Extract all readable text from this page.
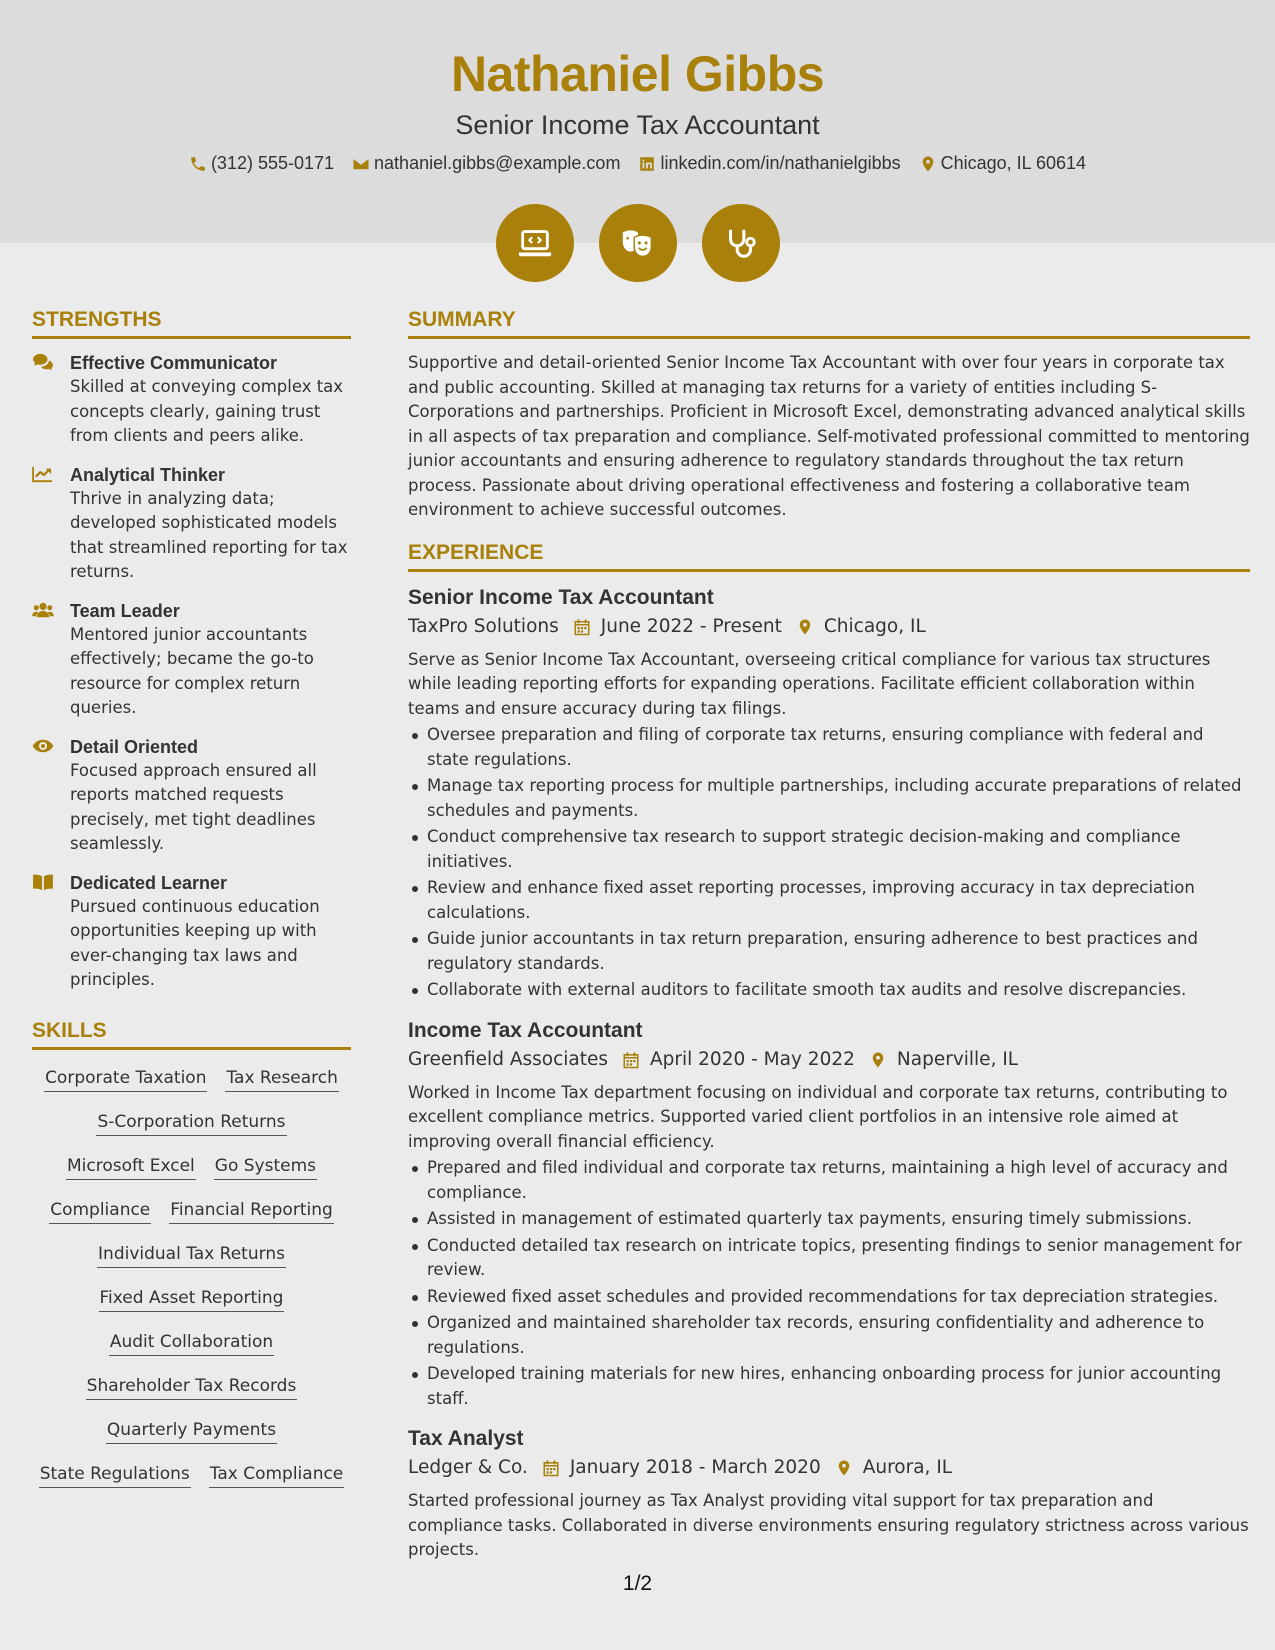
Nathaniel Gibbs
Senior Income Tax Accountant
(312) 555-0171 nathaniel.gibbs@example.com linkedin.com/in/nathanielgibbs Chicago, IL 60614
STRENGTHS
Effective Communicator
Skilled at conveying complex tax concepts clearly, gaining trust from clients and peers alike.
Analytical Thinker
Thrive in analyzing data; developed sophisticated models that streamlined reporting for tax returns.
Team Leader
Mentored junior accountants effectively; became the go-to resource for complex return queries.
Detail Oriented
Focused approach ensured all reports matched requests precisely, met tight deadlines seamlessly.
Dedicated Learner
Pursued continuous education opportunities keeping up with ever-changing tax laws and principles.
SKILLS
Corporate Taxation Tax Research
S-Corporation Returns
Microsoft Excel Go Systems
Compliance Financial Reporting
Individual Tax Returns
Fixed Asset Reporting
Audit Collaboration
Shareholder Tax Records
Quarterly Payments
State Regulations Tax Compliance
SUMMARY
Supportive and detail-oriented Senior Income Tax Accountant with over four years in corporate tax and public accounting. Skilled at managing tax returns for a variety of entities including S-Corporations and partnerships. Proficient in Microsoft Excel, demonstrating advanced analytical skills in all aspects of tax preparation and compliance. Self-motivated professional committed to mentoring junior accountants and ensuring adherence to regulatory standards throughout the tax return process. Passionate about driving operational effectiveness and fostering a collaborative team environment to achieve successful outcomes.
EXPERIENCE
Senior Income Tax Accountant
TaxPro Solutions June 2022 - Present Chicago, IL
Serve as Senior Income Tax Accountant, overseeing critical compliance for various tax structures while leading reporting efforts for expanding operations. Facilitate efficient collaboration within teams and ensure accuracy during tax filings.
Oversee preparation and filing of corporate tax returns, ensuring compliance with federal and state regulations.
Manage tax reporting process for multiple partnerships, including accurate preparations of related schedules and payments.
Conduct comprehensive tax research to support strategic decision-making and compliance initiatives.
Review and enhance fixed asset reporting processes, improving accuracy in tax depreciation calculations.
Guide junior accountants in tax return preparation, ensuring adherence to best practices and regulatory standards.
Collaborate with external auditors to facilitate smooth tax audits and resolve discrepancies.
Income Tax Accountant
Greenfield Associates April 2020 - May 2022 Naperville, IL
Worked in Income Tax department focusing on individual and corporate tax returns, contributing to excellent compliance metrics. Supported varied client portfolios in an intensive role aimed at improving overall financial efficiency.
Prepared and filed individual and corporate tax returns, maintaining a high level of accuracy and compliance.
Assisted in management of estimated quarterly tax payments, ensuring timely submissions.
Conducted detailed tax research on intricate topics, presenting findings to senior management for review.
Reviewed fixed asset schedules and provided recommendations for tax depreciation strategies.
Organized and maintained shareholder tax records, ensuring confidentiality and adherence to regulations.
Developed training materials for new hires, enhancing onboarding process for junior accounting staff.
Tax Analyst
Ledger & Co. January 2018 - March 2020 Aurora, IL
Started professional journey as Tax Analyst providing vital support for tax preparation and compliance tasks. Collaborated in diverse environments ensuring regulatory strictness across various projects.
1/2
